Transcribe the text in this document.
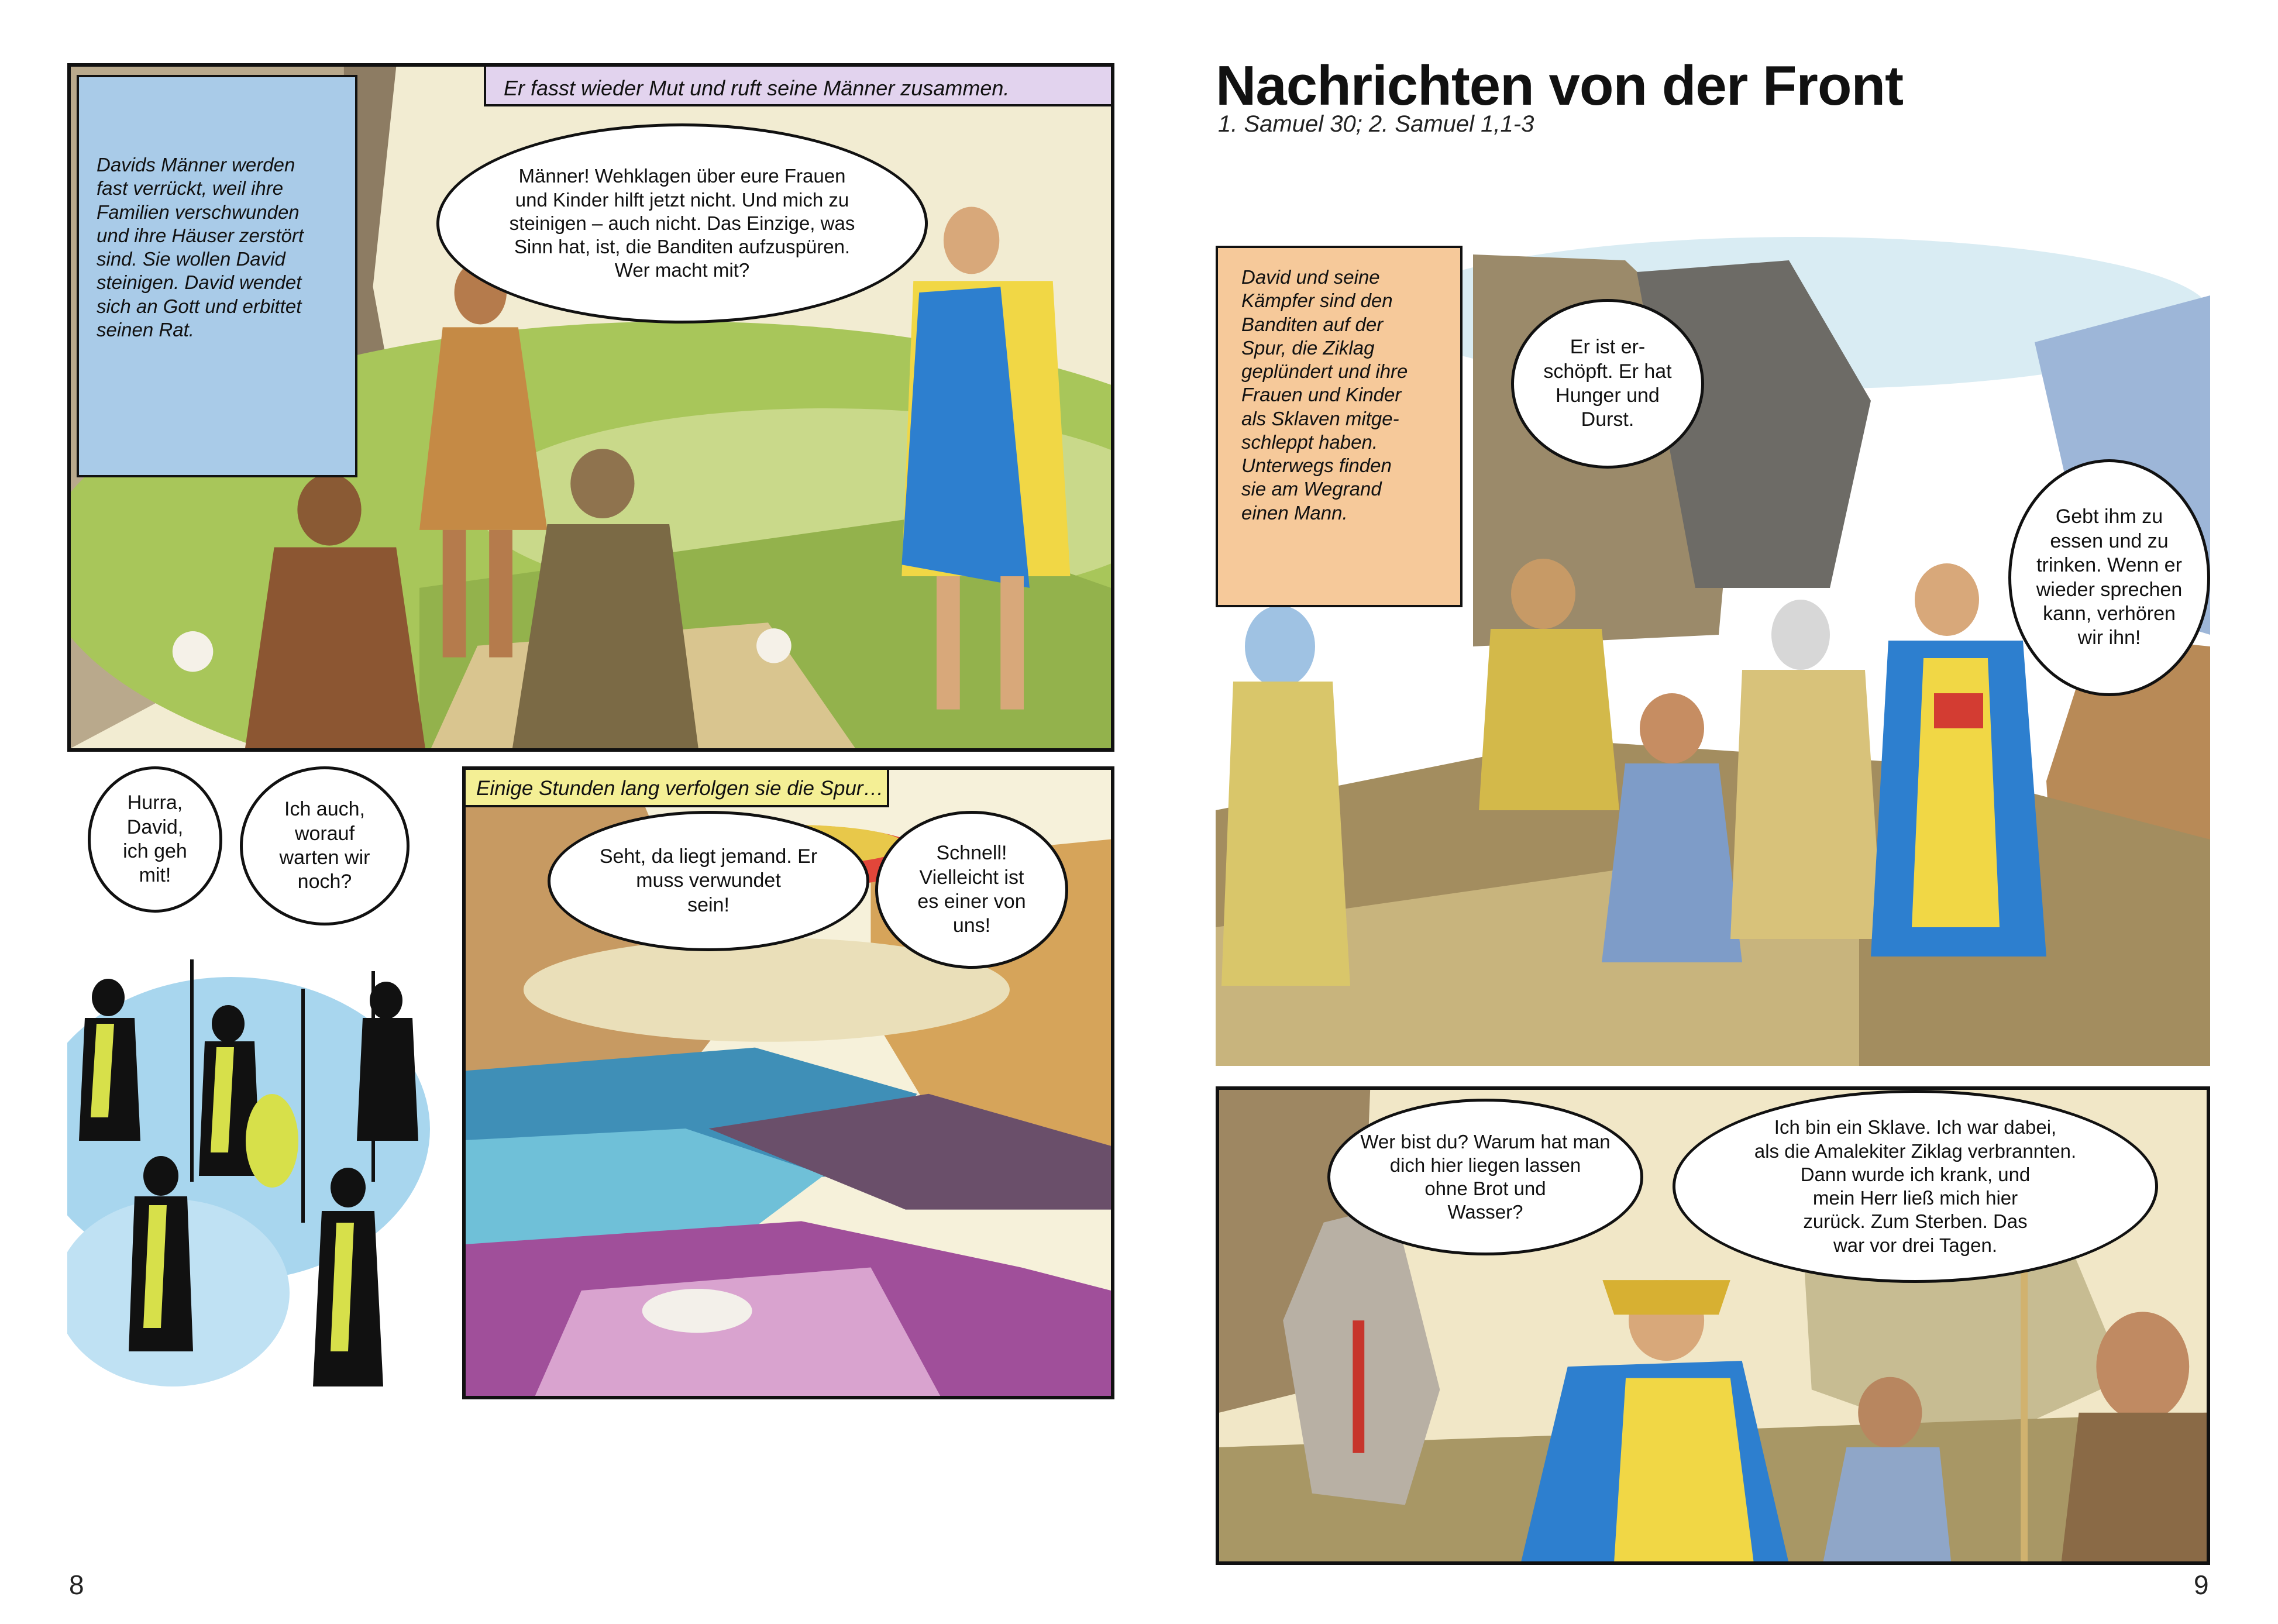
Davids Männer werden
fast verrückt, weil ihre
Familien verschwunden
und ihre Häuser zerstört
sind. Sie wollen David
steinigen. David wendet
sich an Gott und erbittet
seinen Rat.
Er fasst wieder Mut und ruft seine Männer zusammen.
Männer! Wehklagen über eure Frauen
und Kinder hilft jetzt nicht. Und mich zu
steinigen – auch nicht. Das Einzige, was
Sinn hat, ist, die Banditen aufzuspüren.
Wer macht mit?
Hurra,
David,
ich geh
mit!
Ich auch,
worauf
warten wir
noch?
Einige Stunden lang verfolgen sie die Spur…
Seht, da liegt jemand. Er
muss verwundet
sein!
Schnell!
Vielleicht ist
es einer von
uns!
8
Nachrichten von der Front
1. Samuel 30; 2. Samuel 1,1-3
David und seine
Kämpfer sind den
Banditen auf der
Spur, die Ziklag
geplündert und ihre
Frauen und Kinder
als Sklaven mitge-
schleppt haben.
Unterwegs finden
sie am Wegrand
einen Mann.
Er ist er-
schöpft. Er hat
Hunger und
Durst.
Gebt ihm zu
essen und zu
trinken. Wenn er
wieder sprechen
kann, verhören
wir ihn!
Wer bist du? Warum hat man
dich hier liegen lassen
ohne Brot und
Wasser?
Ich bin ein Sklave. Ich war dabei,
als die Amalekiter Ziklag verbrannten.
Dann wurde ich krank, und
mein Herr ließ mich hier
zurück. Zum Sterben. Das
war vor drei Tagen.
9
